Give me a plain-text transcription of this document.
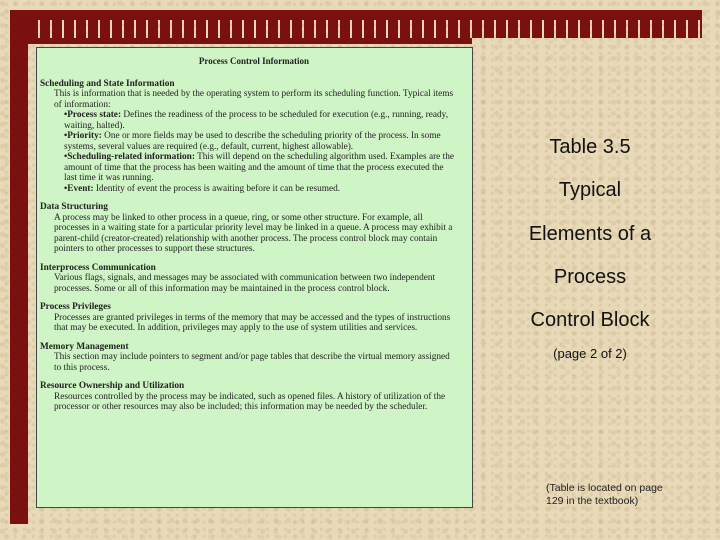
Process Control Information
Scheduling and State Information
This is information that is needed by the operating system to perform its scheduling function. Typical items of information:
•Process state: Defines the readiness of the process to be scheduled for execution (e.g., running, ready, waiting, halted).
•Priority: One or more fields may be used to describe the scheduling priority of the process. In some systems, several values are required (e.g., default, current, highest allowable).
•Scheduling-related information: This will depend on the scheduling algorithm used. Examples are the amount of time that the process has been waiting and the amount of time that the process executed the last time it was running.
•Event: Identity of event the process is awaiting before it can be resumed.
Data Structuring
A process may be linked to other process in a queue, ring, or some other structure. For example, all processes in a waiting state for a particular priority level may be linked in a queue. A process may exhibit a parent-child (creator-created) relationship with another process. The process control block may contain pointers to other processes to support these structures.
Interprocess Communication
Various flags, signals, and messages may be associated with communication between two independent processes. Some or all of this information may be maintained in the process control block.
Process Privileges
Processes are granted privileges in terms of the memory that may be accessed and the types of instructions that may be executed. In addition, privileges may apply to the use of system utilities and services.
Memory Management
This section may include pointers to segment and/or page tables that describe the virtual memory assigned to this process.
Resource Ownership and Utilization
Resources controlled by the process may be indicated, such as opened files. A history of utilization of the processor or other resources may also be included; this information may be needed by the scheduler.
Table 3.5
Typical
Elements of a
Process
Control Block
(page 2 of 2)
(Table is located on page 129 in the textbook)
